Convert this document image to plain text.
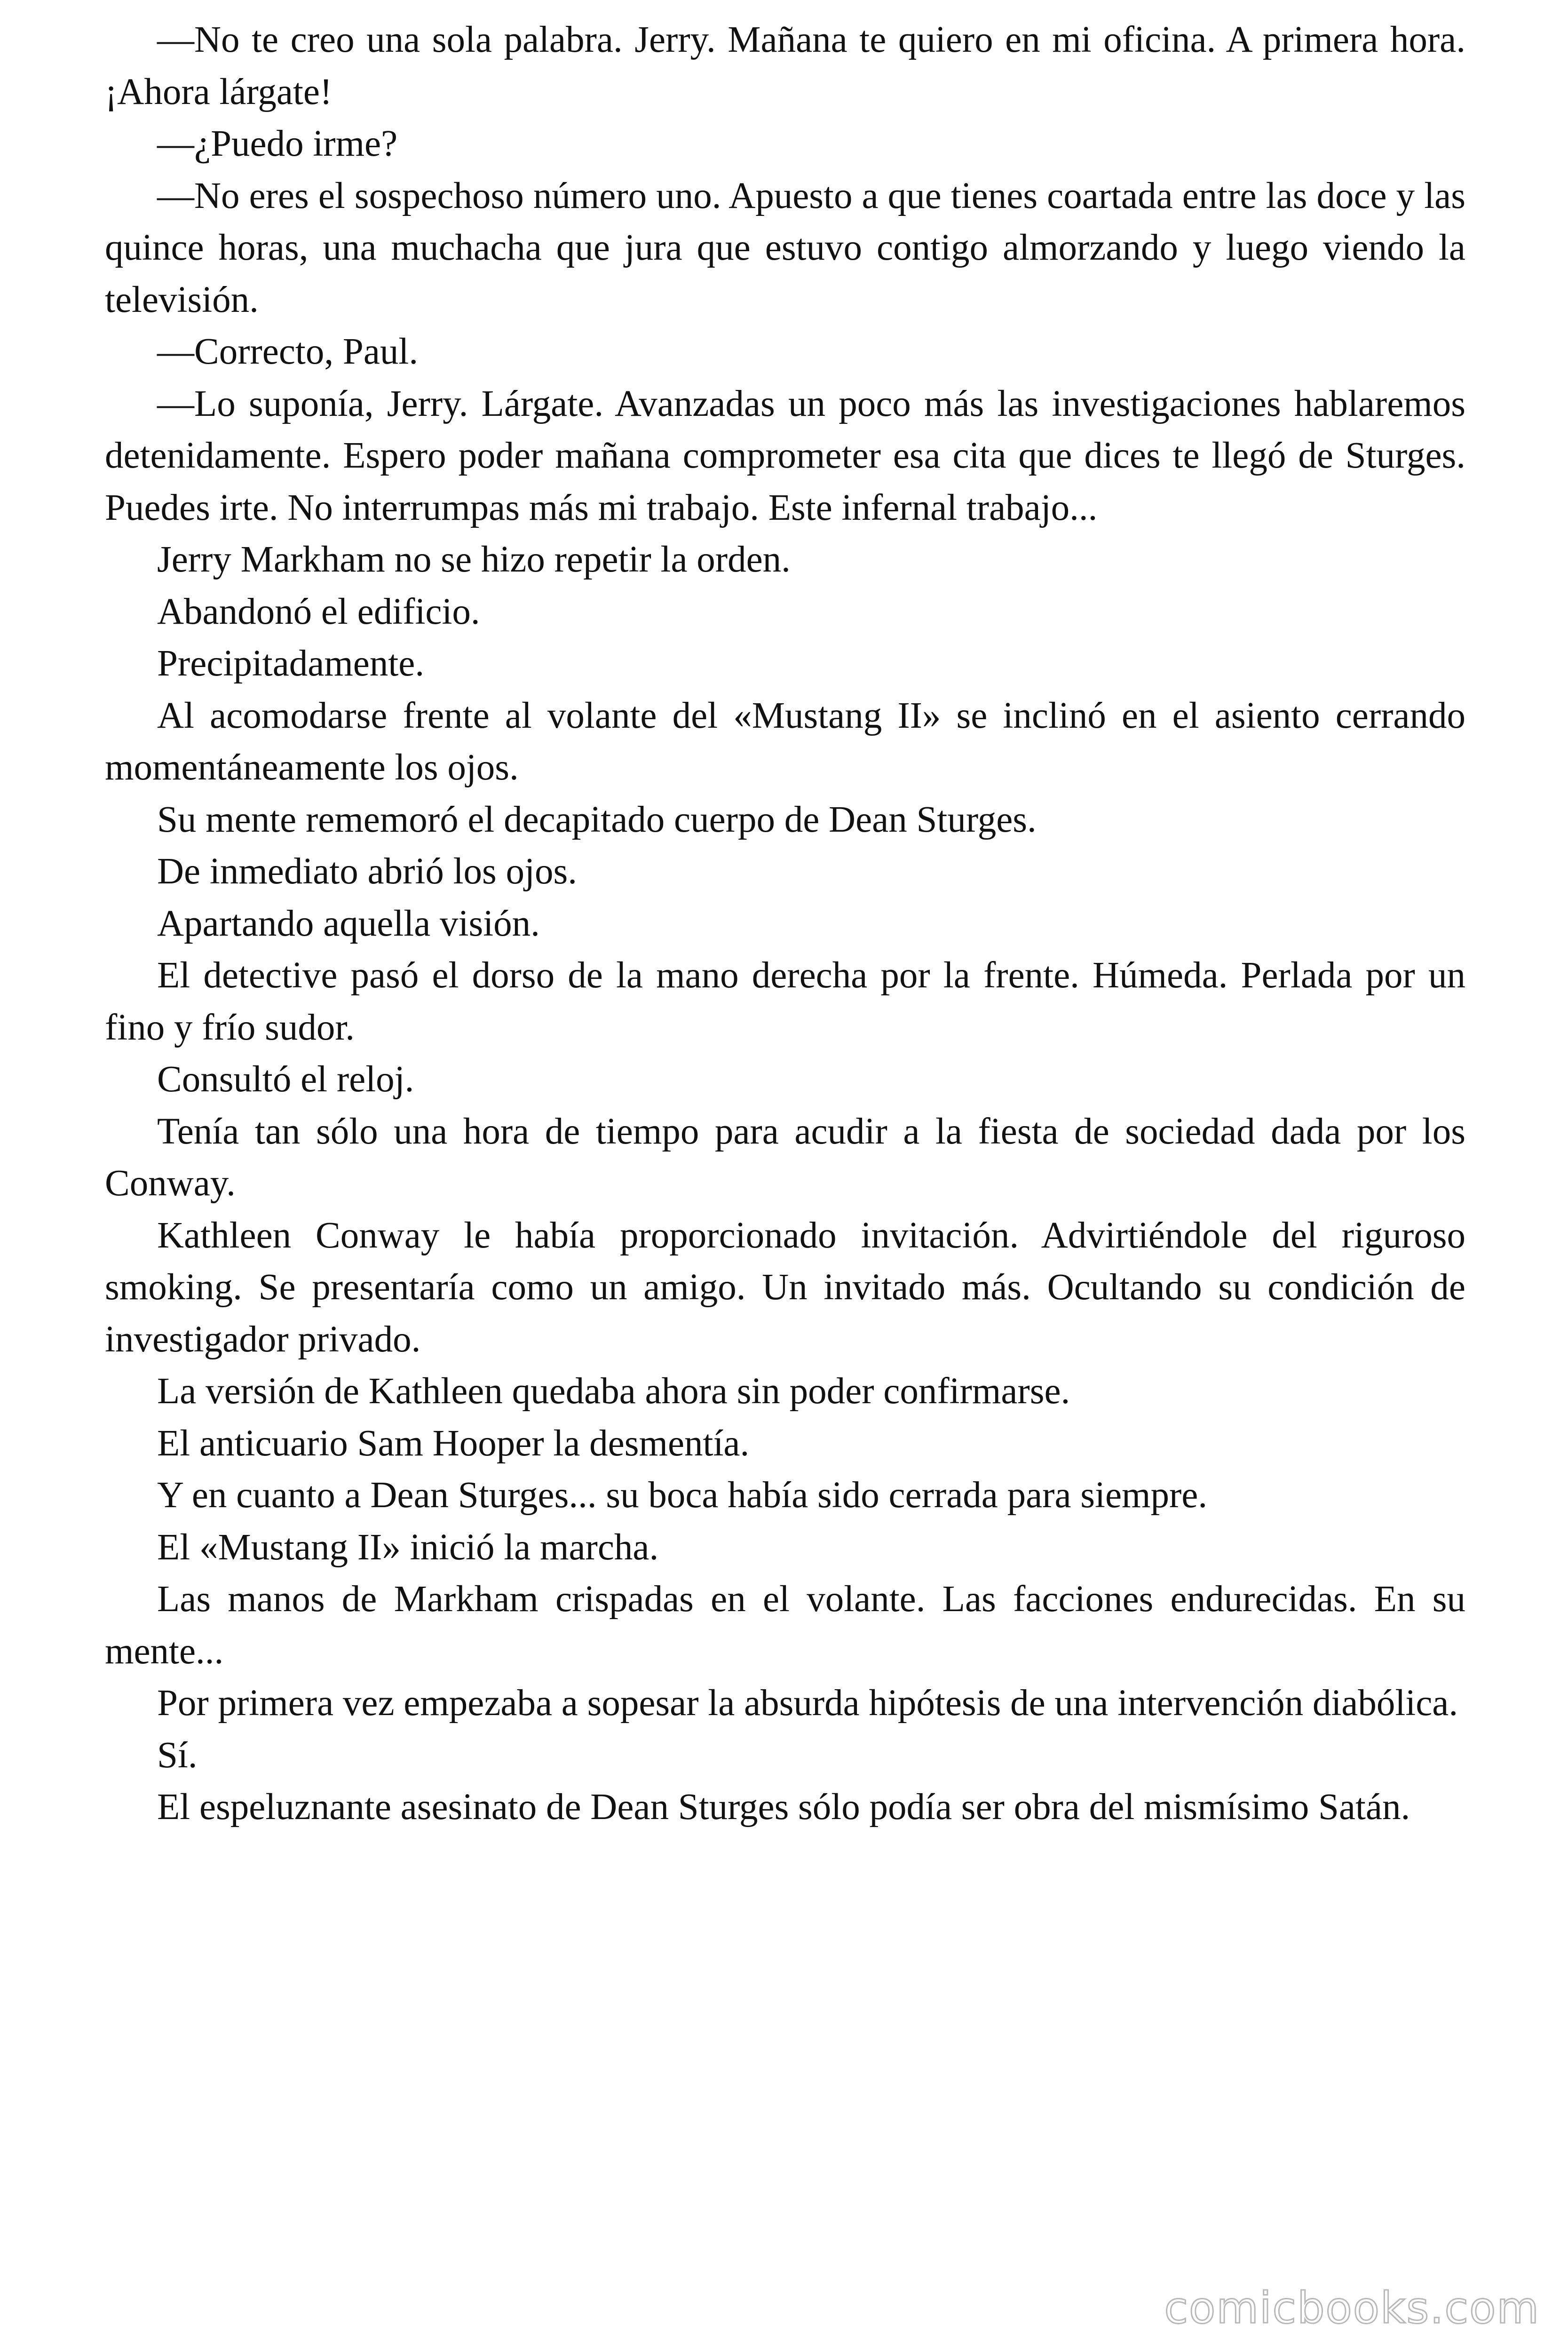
—No te creo una sola palabra. Jerry. Mañana te quiero en mi oficina. A primera hora. ¡Ahora lárgate!

—¿Puedo irme?

—No eres el sospechoso número uno. Apuesto a que tienes coartada entre las doce y las quince horas, una muchacha que jura que estuvo contigo almorzando y luego viendo la televisión.

—Correcto, Paul.

—Lo suponía, Jerry. Lárgate. Avanzadas un poco más las investigaciones hablaremos detenidamente. Espero poder mañana comprometer esa cita que dices te llegó de Sturges. Puedes irte. No interrumpas más mi trabajo. Este infernal trabajo...

Jerry Markham no se hizo repetir la orden.

Abandonó el edificio.

Precipitadamente.

Al acomodarse frente al volante del «Mustang II» se inclinó en el asiento cerrando momentáneamente los ojos.

Su mente rememoró el decapitado cuerpo de Dean Sturges.

De inmediato abrió los ojos.

Apartando aquella visión.

El detective pasó el dorso de la mano derecha por la frente. Húmeda. Perlada por un fino y frío sudor.

Consultó el reloj.

Tenía tan sólo una hora de tiempo para acudir a la fiesta de sociedad dada por los Conway.

Kathleen Conway le había proporcionado invitación. Advirtiéndole del riguroso smoking. Se presentaría como un amigo. Un invitado más. Ocultando su condición de investigador privado.

La versión de Kathleen quedaba ahora sin poder confirmarse.

El anticuario Sam Hooper la desmentía.

Y en cuanto a Dean Sturges... su boca había sido cerrada para siempre.

El «Mustang II» inició la marcha.

Las manos de Markham crispadas en el volante. Las facciones endurecidas. En su mente...

Por primera vez empezaba a sopesar la absurda hipótesis de una intervención diabólica.

Sí.

El espeluznante asesinato de Dean Sturges sólo podía ser obra del mismísimo Satán.

comicbooks.com
